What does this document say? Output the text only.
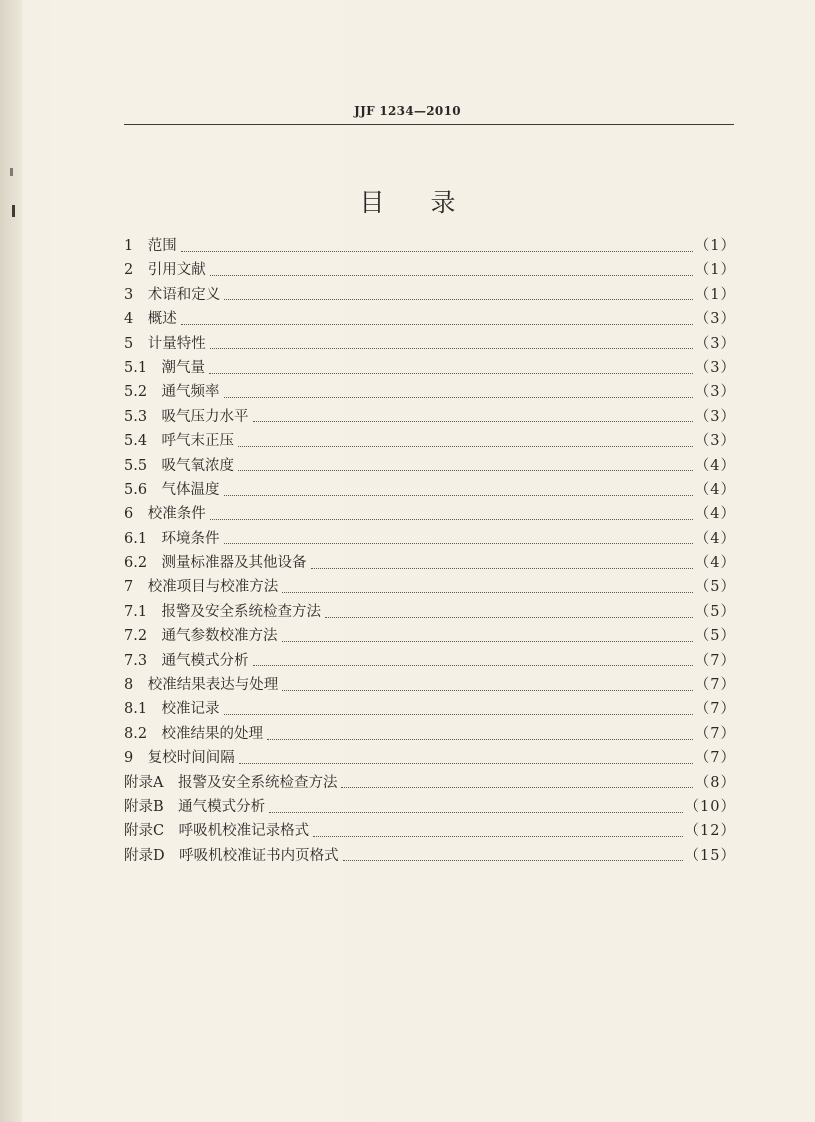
JJF 1234—2010
目录
1　范围	（1）
2　引用文献	（1）
3　术语和定义	（1）
4　概述	（3）
5　计量特性	（3）
5.1　潮气量	（3）
5.2　通气频率	（3）
5.3　吸气压力水平	（3）
5.4　呼气末正压	（3）
5.5　吸气氧浓度	（4）
5.6　气体温度	（4）
6　校准条件	（4）
6.1　环境条件	（4）
6.2　测量标准器及其他设备	（4）
7　校准项目与校准方法	（5）
7.1　报警及安全系统检查方法	（5）
7.2　通气参数校准方法	（5）
7.3　通气模式分析	（7）
8　校准结果表达与处理	（7）
8.1　校准记录	（7）
8.2　校准结果的处理	（7）
9　复校时间间隔	（7）
附录A　报警及安全系统检查方法	（8）
附录B　通气模式分析	（10）
附录C　呼吸机校准记录格式	（12）
附录D　呼吸机校准证书内页格式	（15）
